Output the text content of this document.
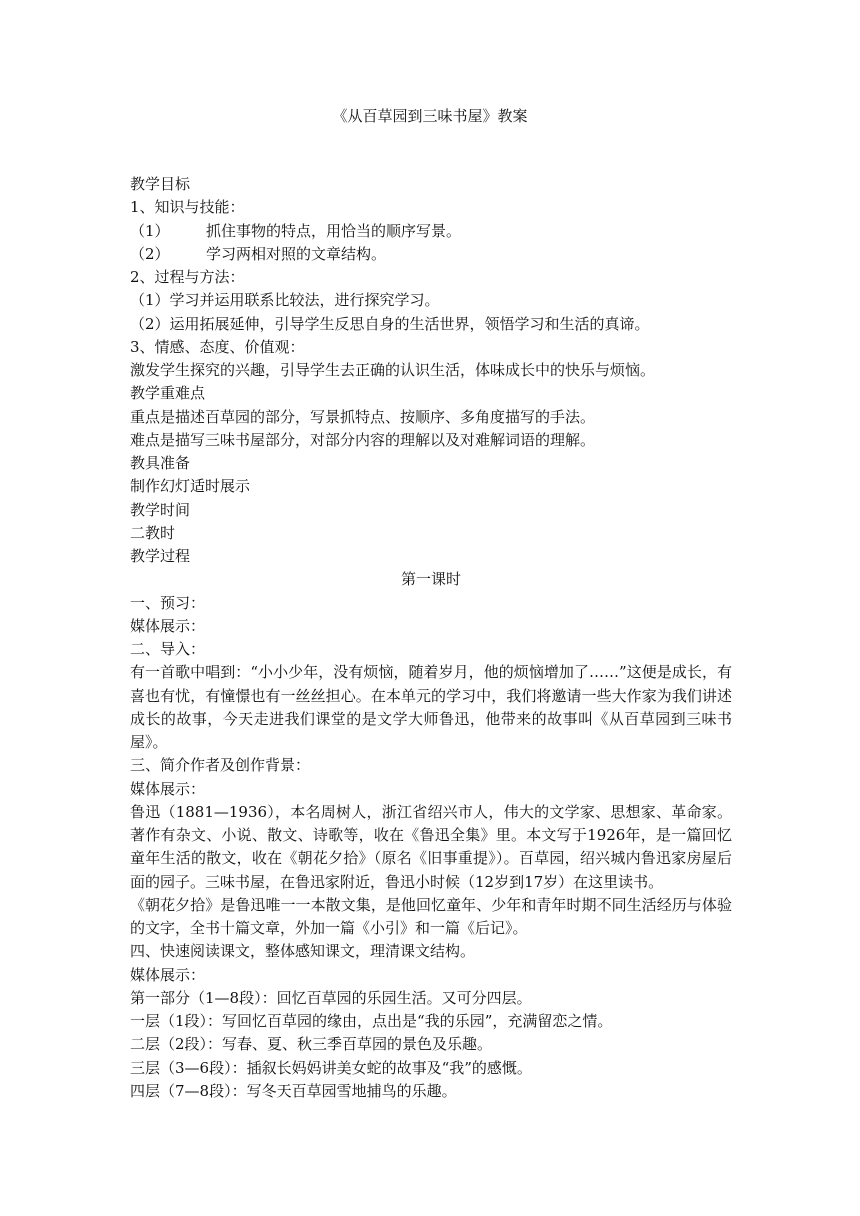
《从百草园到三味书屋》教案
教学目标
1、知识与技能：
（1） 抓住事物的特点，用恰当的顺序写景。
（2） 学习两相对照的文章结构。
2、过程与方法：
（1）学习并运用联系比较法，进行探究学习。
（2）运用拓展延伸，引导学生反思自身的生活世界，领悟学习和生活的真谛。
3、情感、态度、价值观：
激发学生探究的兴趣，引导学生去正确的认识生活，体味成长中的快乐与烦恼。
教学重难点
重点是描述百草园的部分，写景抓特点、按顺序、多角度描写的手法。
难点是描写三味书屋部分，对部分内容的理解以及对难解词语的理解。
教具准备
制作幻灯适时展示
教学时间
二教时
教学过程
第一课时
一、预习：
媒体展示：
二、导入：
有一首歌中唱到：“小小少年，没有烦恼，随着岁月，他的烦恼增加了……”这便是成长，有喜也有忧，有憧憬也有一丝丝担心。在本单元的学习中，我们将邀请一些大作家为我们讲述成长的故事，今天走进我们课堂的是文学大师鲁迅，他带来的故事叫《从百草园到三味书屋》。
三、简介作者及创作背景：
媒体展示：
鲁迅（1881—1936），本名周树人，浙江省绍兴市人，伟大的文学家、思想家、革命家。著作有杂文、小说、散文、诗歌等，收在《鲁迅全集》里。本文写于1926年，是一篇回忆童年生活的散文，收在《朝花夕拾》（原名《旧事重提》）。百草园，绍兴城内鲁迅家房屋后面的园子。三味书屋，在鲁迅家附近，鲁迅小时候（12岁到17岁）在这里读书。
《朝花夕拾》是鲁迅唯一一本散文集，是他回忆童年、少年和青年时期不同生活经历与体验的文字，全书十篇文章，外加一篇《小引》和一篇《后记》。
四、快速阅读课文，整体感知课文，理清课文结构。
媒体展示：
第一部分（1—8段）：回忆百草园的乐园生活。又可分四层。
一层（1段）：写回忆百草园的缘由，点出是“我的乐园”，充满留恋之情。
二层（2段）：写春、夏、秋三季百草园的景色及乐趣。
三层（3—6段）：插叙长妈妈讲美女蛇的故事及“我”的感慨。
四层（7—8段）：写冬天百草园雪地捕鸟的乐趣。
